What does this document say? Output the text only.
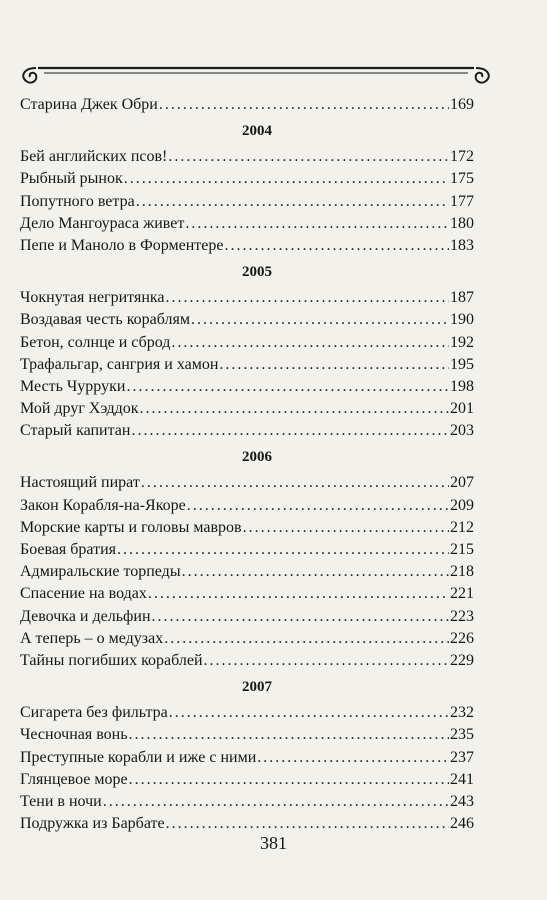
Старина Джек Обри . . .	169
2004
Бей английских псов! . . .	172
Рыбный рынок . . .	175
Попутного ветра . . .	177
Дело Мангоураса живет . . .	180
Пепе и Маноло в Форментере . . .	183
2005
Чокнутая негритянка . . .	187
Воздавая честь кораблям . . .	190
Бетон, солнце и сброд . . .	192
Трафальгар, сангрия и хамон . . .	195
Месть Чурруки . . .	198
Мой друг Хэддок . . .	201
Старый капитан . . .	203
2006
Настоящий пират . . .	207
Закон Корабля-на-Якоре . . .	209
Морские карты и головы мавров . . .	212
Боевая братия . . .	215
Адмиральские торпеды . . .	218
Спасение на водах . . .	221
Девочка и дельфин . . .	223
А теперь – о медузах . . .	226
Тайны погибших кораблей . . .	229
2007
Сигарета без фильтра . . .	232
Чесночная вонь . . .	235
Преступные корабли и иже с ними . . .	237
Глянцевое море . . .	241
Тени в ночи . . .	243
Подружка из Барбате . . .	246
381
